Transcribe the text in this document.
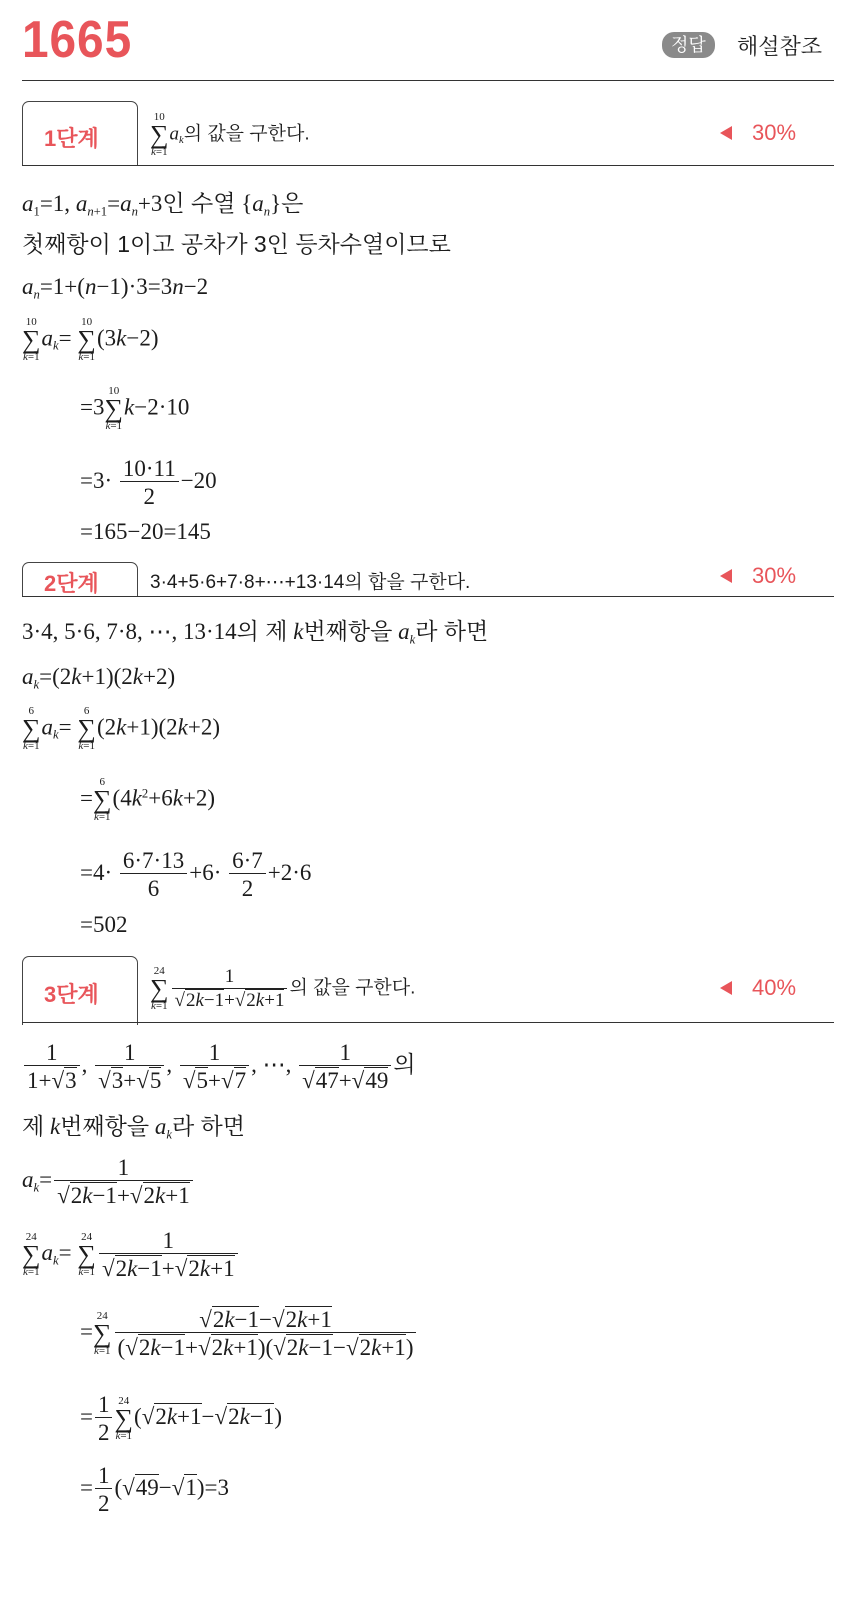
1665	정답	해설참조
1단계
10
∑
k=1
$a_k$의 값을 구한다.	30%
$a_1=1$, $a_{n+1}=a_n+3$인 수열 $\{a_n\}$은
첫째항이 1이고 공차가 3인 등차수열이므로
$a_n=1+(n-1)\cdot 3=3n-2$
10
∑
k=1
$a_k=$
10
∑
k=1
(3k−2)
=3
10
∑
k=1
k−2·10
$=3\cdot \frac{10\cdot 11}{2} -20$
=165−20=145
2단계	3·4+5·6+7·8+⋯+13·14의 합을 구한다.	30%
3·4, 5·6, 7·8, ⋯, 13·14의 제 k번째항을 $a_k$라 하면
$a_k=(2k+1)(2k+2)$
6
∑
k=1
$a_k=$
6
∑
k=1
(2k+1)(2k+2)
=
6
∑
k=1
$(4k^2+6k+2)$
$=4\cdot \frac{6\cdot 7\cdot 13}{6} +6\cdot \frac{6\cdot 7}{2} +2\cdot 6$
=502
3단계
24
∑
$k=1 \frac{1}{√2k-1+√2k+1}$ 의 값을 구한다.	40%
$\frac{1}{1+√3}$ , $\frac{1}{√3+√5}$ , $\frac{1}{√5+√7}$ , ⋯, $\frac{1}{√47+√49}$ 의
제 k번째항을 $a_k$라 하면
$a_k= \frac{1}{√2k-1+√2k+1}$
24
∑
k=1
$a_k=$
24
∑
$k=1 \frac{1}{√2k-1+√2k+1}$
=
24
∑
$k=1 \frac{√2k-1-√2k+1}{(√2k-1+√2k+1)(√2k-1-√2k+1)}$
= $\frac{1}{2} 24$
∑
k=1
(√2k+1−√2k−1)
= $\frac{1}{2} (√49-√1)=3$
